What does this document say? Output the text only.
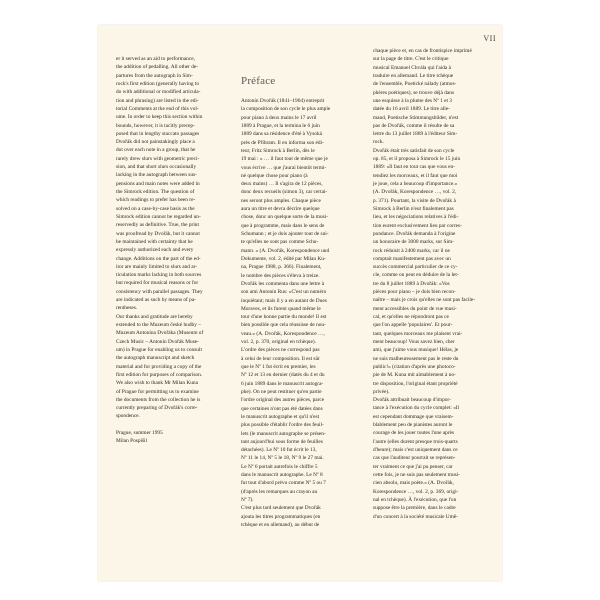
VII

er it served as an aid to performance,

the addition of pedalling. All other de-

partures from the autograph in Sim-

rock's first edition (generally having to

do with additional or modified articula-

tion and phrasing) are listed in the edi-

torial Comments at the end of this vol-

ume. In order to keep this section within

bounds, however, it is tacitly precep-

posed that in lengthy staccato passages

Dvořák did not painstakingly place a

dot over each note in a group, that he

rarely drew slurs with geometric preci-

sion, and that short slurs occasionally

lacking in the autograph between sus-

pensions and main notes were added in

the Simrock edition. The question of

which readings to prefer has been re-

solved on a case-by-case basis as the

Simrock edition cannot be regarded un-

reservedly as definitive. True, the print

was proofread by Dvořák, but it cannot

be maintained with certainty that he

expressly authorized each and every

change. Additions on the part of the ed-

itor are mainly limited to slurs and ar-

ticulation marks lacking in both sources

but required for musical reasons or for

consistency with parallel passages. They

are indicated as such by means of pa-

rentheses.

Our thanks and gratitude are hereby

extended to the Muzeum české hudby –

Muzeum Antonína Dvořáka (Museum of

Czech Music – Antonín Dvořák Muse-

um) in Prague for enabling us to consult

the autograph manuscript and sketch

material and for providing a copy of the

first edition for purposes of comparison.

We also wish to thank Mr Milan Kuna

of Prague for permitting us to examine

the documents from the collection he is

currently preparing of Dvořák's corre-

spondence.

Prague, summer 1995

Milan Pospíšil

Préface

Antonín Dvořák (1841–1904) entreprit

la composition de son cycle le plus ample

pour piano à deux mains le 17 avril

1889 à Prague, et la termina le 6 juin

1889 dans sa résidence d'été à Vysoká

près de Příbram. Il en informa son édi-

teur, Fritz Simrock à Berlin, dès le

19 mai : « … il faut tout de même que je

vous écrive … que j'aurai bientôt termi-

né quelque chose pour piano (à

deux mains) … Il s'agira de 12 pièces,

donc deux recueils (simon 3), car certai-

nes seront plus amples. Chaque pièce

aura un titre et devra décrire quelque

chose, donc un quelque sorte de la musi-

que à programme, mais dans le sens de

Schumann ; et je dois ajouter tout de sui-

te qu'elles ne sont pas comme Schu-

mann. » (A. Dvořák, Korespondence und

Dokumente, vol. 2, édité par Milan Ku-

na, Prague 1988, p. 366). Finalement,

le nombre des pièces s'éleva à treize.

Dvořák les commenta dans une lettre à

son ami Antonín Rus: «C'est un numéro

inquiétant; mais il y a en autant de Dues

Moraves, et ils furent quand même le

tour d'une bonne partie du monde! Il est

bien possible que cela réussisse de nou-

veau.» (A. Dvořák, Korespondence …,

vol. 2, p. 370, original en tchèque).

L'ordre des pièces ne correspond pas

à celui de leur composition. Il est sûr

que le Nº 1 fut écrit en premier, les

Nº 12 et 13 en dernier (datés du 4 et du

6 juin 1889 dans le manuscrit autogra-

phe). On ne peut restituer qu'en partie

l'ordre original des autres pièces, parce

que certaines n'ont pas été datées dans

le manuscrit autographe et qu'il n'est

plus possible d'établir l'ordre des feuil-

lets (le manuscrit autographe se présen-

tant aujourd'hui sous forme de feuilles

détachées). Le Nº 10 fut écrit le 13,

Nº 11 le 14, Nº 5 le 18, Nº 9 le 27 mai.

Le Nº 6 portait autrefois le chiffre 5

dans le manuscrit autographe. Le Nº 8

fut tout d'abord prévu comme Nº 5 ou 7

(d'après les remarques au crayon au

Nº 7).

C'est plus tard seulement que Dvořák

ajouta les titres programmatiques (en

tchèque et en allemand), au début de

chaque pièce et, en cas de frontispice imprimé

sur la page de titre. C'est le critique

musical Emanuel Chvála qui l'aida à

traduire en allemand. Le titre tchèque

de l'ensemble, Poetické nálady (atmos-

phères poétiques), se trouve déjà dans

une esquisse à la plume des Nº 1 et 3

datée du 16 avril 1889. Le titre alle-

mand, Poetische Stimmungsbilder, n'est

pas de Dvořák, comme il résulte de sa

lettre du 13 juillet 1889 à l'éditeur Sim-

rock.

Dvořák était très satisfait de son cycle

op. 85, et il proposa à Simrock le 15 juin

1889: «Il faut en tout cas que vous en-

tendiez les morceaux, et il faut que moi

je joue, cela a beaucoup d'importance.»

(A. Dvořák, Korespondence …, vol. 2,

p. 371). Pourtant, la visite de Dvořák à

Simrock à Berlin n'eut finalement pas

lieu, et les négociations relatives à l'édi-

tion eurent exclusivement lieu par corres-

pondance. Dvořák demanda à l'origine

un honoraire de 3000 marks, sur Sim-

rock réduisit à 2400 marks, car il ne

comptait manifestement pas avec un

succès commercial particulier de ce cy-

cle, comme on peut en déduire de la let-

tre du 8 juillet 1889 à Dvořák: «Vos

pièces pour piano – je dois bien recon-

naître – mais je crois qu'elles ne sont pas facile-

ment accessibles du point de vue musi-

cal, et qu'elles ne répondront pas ce

que l'on appelle 'populaires'. Et pour-

tant, quelques morceaux me plaisent vrai-

ment beaucoup! Vous savez bien, cher

ami, que j'aime vous musique! Hélas, je

ne suis malheureusement pas le reste du

public!» (citation d'après une photoco-

pie de M. Kuna mit aimablement à no-

tre disposition, l'original étant propriété

privée).

Dvořák attribuait beaucoup d'impor-

tance à l'exécution du cycle complet: «Il

est cependant dommage que vraisem-

blablement peu de pianistes auront le

courage de les jouer toutes l'une après

l'autre (elles durent presque trois-quarts

d'heure); mais c'est uniquement dans ce

cas que l'auditeur pourrait se représen-

ter vraiment ce que j'ai pu penser, car

cette fois, je ne suis pas seulement musi-

cien absolu, mais poète.» (A. Dvořák,

Korespondence …, vol. 2, p. 369, origi-

nal en tchèque). À l'exécution, que l'on

suppose être la première, dans le cadre

d'un concert à la société musicale Umě-
